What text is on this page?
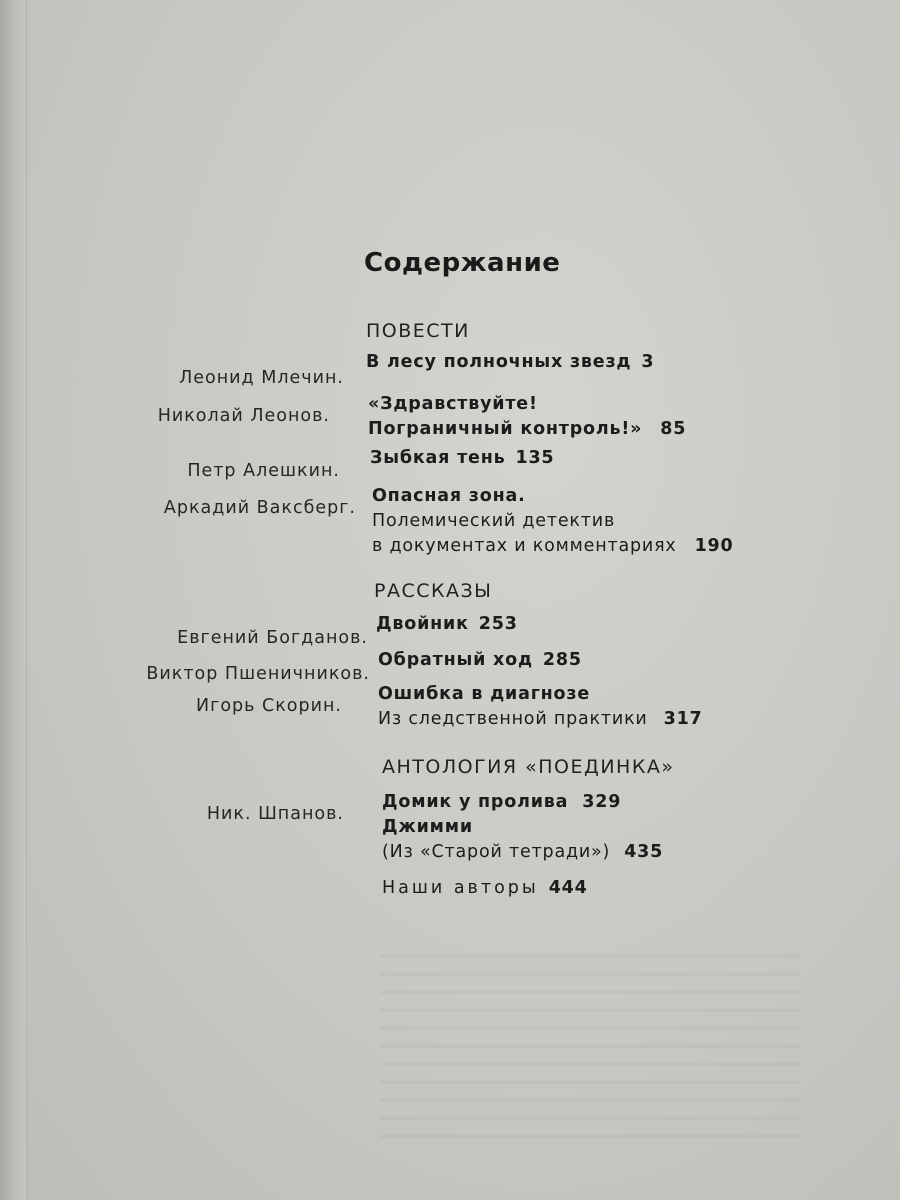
Содержание
ПОВЕСТИ
Леонид Млечин.
В лесу полночных звезд 3
Николай Леонов.
«Здравствуйте!
Пограничный контроль!» 85
Петр Алешкин.
Зыбкая тень 135
Аркадий Ваксберг.
Опасная зона.
Полемический детектив
в документах и комментариях 190
РАССКАЗЫ
Евгений Богданов.
Двойник 253
Виктор Пшеничников.
Обратный ход 285
Игорь Скорин.
Ошибка в диагнозе
Из следственной практики 317
АНТОЛОГИЯ «ПОЕДИНКА»
Ник. Шпанов.
Домик у пролива 329
Джимми
(Из «Старой тетради») 435
Наши авторы 444
